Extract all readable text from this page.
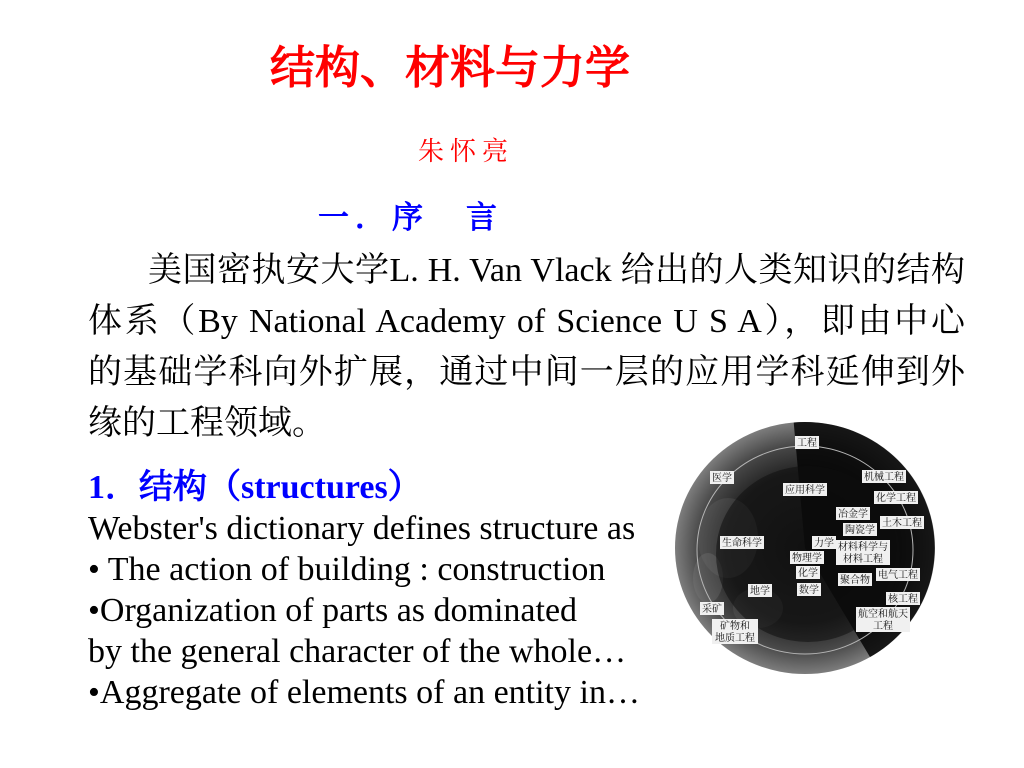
结构、材料与力学
朱怀亮
一．序　言
美国密执安大学L. H. Van Vlack 给出的人类知识的结构
体系（By National Academy of Science U S A），即由中心
的基础学科向外扩展，通过中间一层的应用学科延伸到外
缘的工程领域。
1．结构（structures）
Webster's dictionary defines structure as
• The action of building : construction
•Organization of parts as dominated
by the general character of the whole…
•Aggregate of elements of an entity in…
工程
医学
应用科学
机械工程
化学工程
冶金学
土木工程
陶瓷学
生命科学	力学 材料科学与
材料工程
物理学
化学
聚合物 电气工程
地学	数学
核工程
航空和航天
工程
采矿
矿物和
地质工程
